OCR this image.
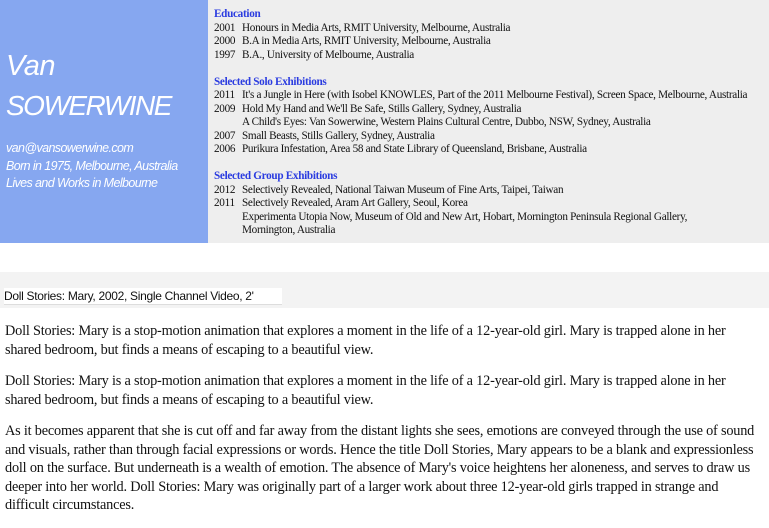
Van
SOWERWINE
van@vansowerwine.com
Born in 1975, Melbourne, Australia
Lives and Works in Melbourne
Education
2001 Honours in Media Arts, RMIT University, Melbourne, Australia
2000 B.A in Media Arts, RMIT University, Melbourne, Australia
1997 B.A., University of Melbourne, Australia
Selected Solo Exhibitions
2011 It's a Jungle in Here (with Isobel KNOWLES, Part of the 2011 Melbourne Festival), Screen Space, Melbourne, Australia
2009 Hold My Hand and We'll Be Safe, Stills Gallery, Sydney, Australia
A Child's Eyes: Van Sowerwine, Western Plains Cultural Centre, Dubbo, NSW, Sydney, Australia
2007 Small Beasts, Stills Gallery, Sydney, Australia
2006 Purikura Infestation, Area 58 and State Library of Queensland, Brisbane, Australia
Selected Group Exhibitions
2012 Selectively Revealed, National Taiwan Museum of Fine Arts, Taipei, Taiwan
2011 Selectively Revealed, Aram Art Gallery, Seoul, Korea
Experimenta Utopia Now, Museum of Old and New Art, Hobart, Mornington Peninsula Regional Gallery,
Mornington, Australia
Doll Stories: Mary, 2002, Single Channel Video, 2'

Doll Stories: Mary is a stop-motion animation that explores a moment in the life of a 12-year-old girl. Mary is trapped alone in her shared bedroom, but finds a means of escaping to a beautiful view.

Doll Stories: Mary is a stop-motion animation that explores a moment in the life of a 12-year-old girl. Mary is trapped alone in her shared bedroom, but finds a means of escaping to a beautiful view.

As it becomes apparent that she is cut off and far away from the distant lights she sees, emotions are conveyed through the use of sound and visuals, rather than through facial expressions or words. Hence the title Doll Stories, Mary appears to be a blank and expressionless doll on the surface. But underneath is a wealth of emotion. The absence of Mary's voice heightens her aloneness, and serves to draw us deeper into her world. Doll Stories: Mary was originally part of a larger work about three 12-year-old girls trapped in strange and difficult circumstances.
